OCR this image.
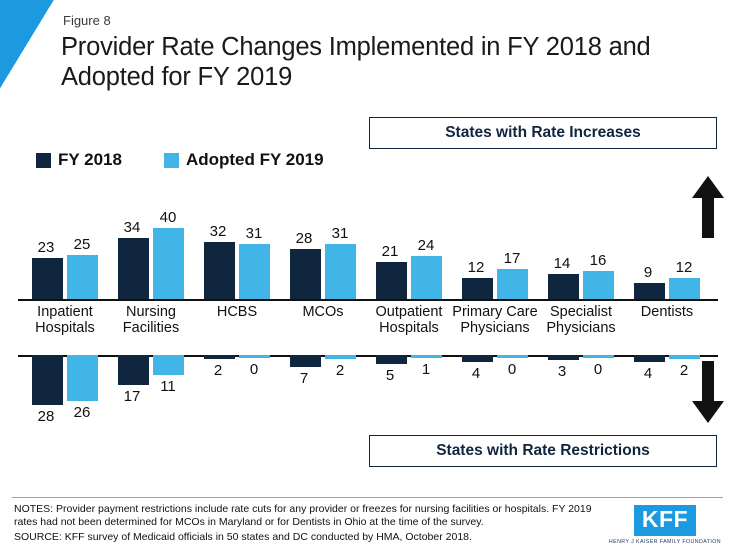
Figure 8
Provider Rate Changes Implemented in FY 2018 and Adopted for FY 2019
FY 2018	Adopted FY 2019
States with Rate Increases
States with Rate Restrictions
23	25
Inpatient Hospitals
28	26
34
40
Nursing Facilities
17
11
32	31
HCBS
2	0
28	31
MCOs
7
2
21	24
Outpatient Hospitals
5	1
12
17
Primary Care Physicians
4	0
14	16
Specialist Physicians
3	0
9	12
Dentists
4	2
NOTES: Provider payment restrictions include rate cuts for any provider or freezes for nursing facilities or hospitals. FY 2019 rates had not been determined for MCOs in Maryland or for Dentists in Ohio at the time of the survey.
SOURCE: KFF survey of Medicaid officials in 50 states and DC conducted by HMA, October 2018.
KFF
HENRY J KAISER FAMILY FOUNDATION
